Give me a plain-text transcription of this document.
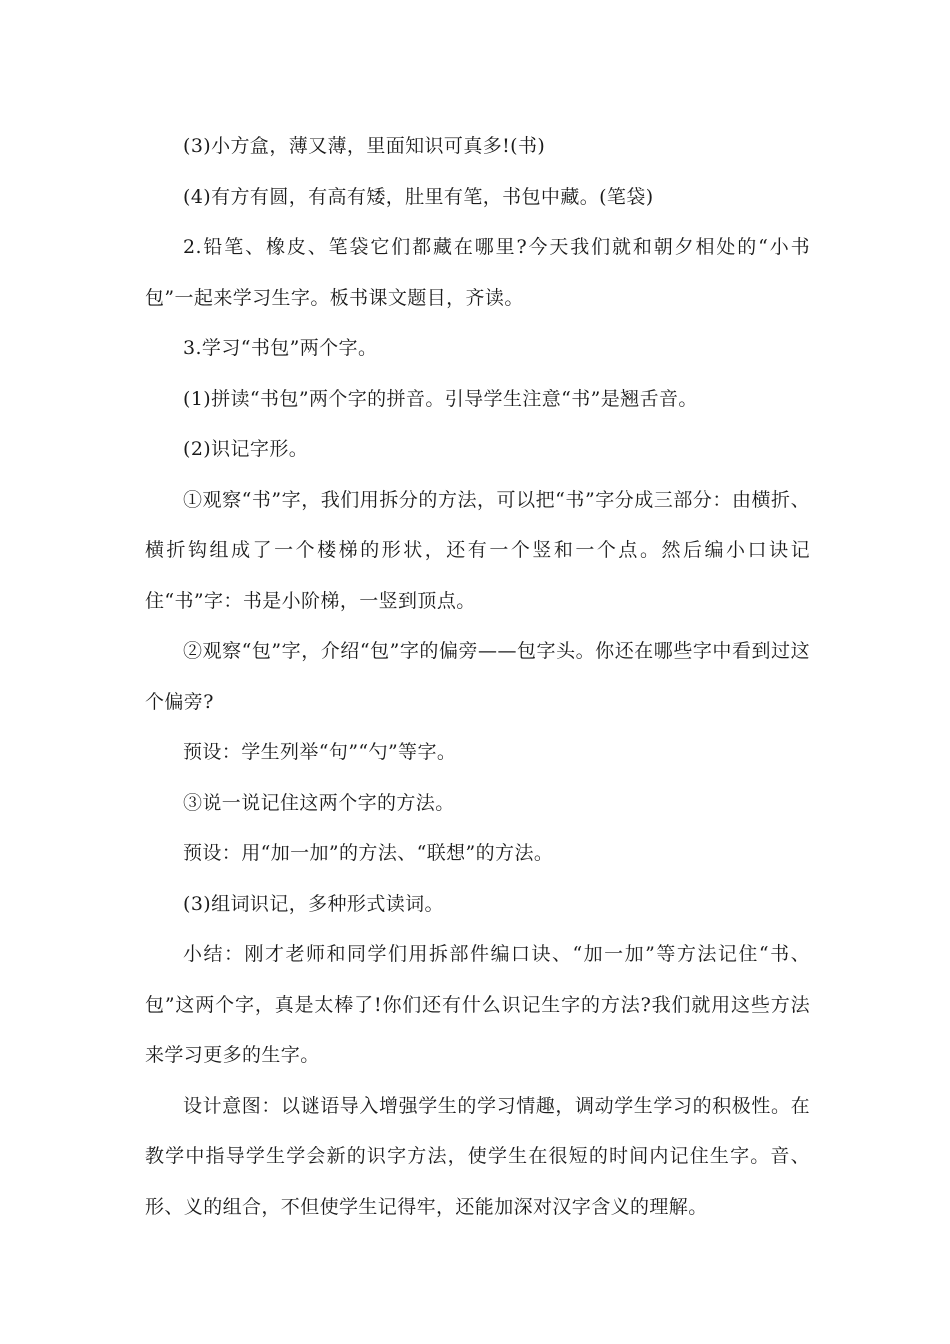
(3)小方盒，薄又薄，里面知识可真多!(书)

(4)有方有圆，有高有矮，肚里有笔，书包中藏。(笔袋)

2.铅笔、橡皮、笔袋它们都藏在哪里?今天我们就和朝夕相处的“小书包”一起来学习生字。板书课文题目，齐读。

3.学习“书包”两个字。

(1)拼读“书包”两个字的拼音。引导学生注意“书”是翘舌音。

(2)识记字形。

①观察“书”字，我们用拆分的方法，可以把“书”字分成三部分：由横折、横折钩组成了一个楼梯的形状，还有一个竖和一个点。然后编小口诀记住“书”字：书是小阶梯，一竖到顶点。

②观察“包”字，介绍“包”字的偏旁——包字头。你还在哪些字中看到过这个偏旁?

预设：学生列举“句”“勺”等字。

③说一说记住这两个字的方法。

预设：用“加一加”的方法、“联想”的方法。

(3)组词识记，多种形式读词。

小结：刚才老师和同学们用拆部件编口诀、“加一加”等方法记住“书、包”这两个字，真是太棒了!你们还有什么识记生字的方法?我们就用这些方法来学习更多的生字。

设计意图：以谜语导入增强学生的学习情趣，调动学生学习的积极性。在教学中指导学生学会新的识字方法，使学生在很短的时间内记住生字。音、形、义的组合，不但使学生记得牢，还能加深对汉字含义的理解。
